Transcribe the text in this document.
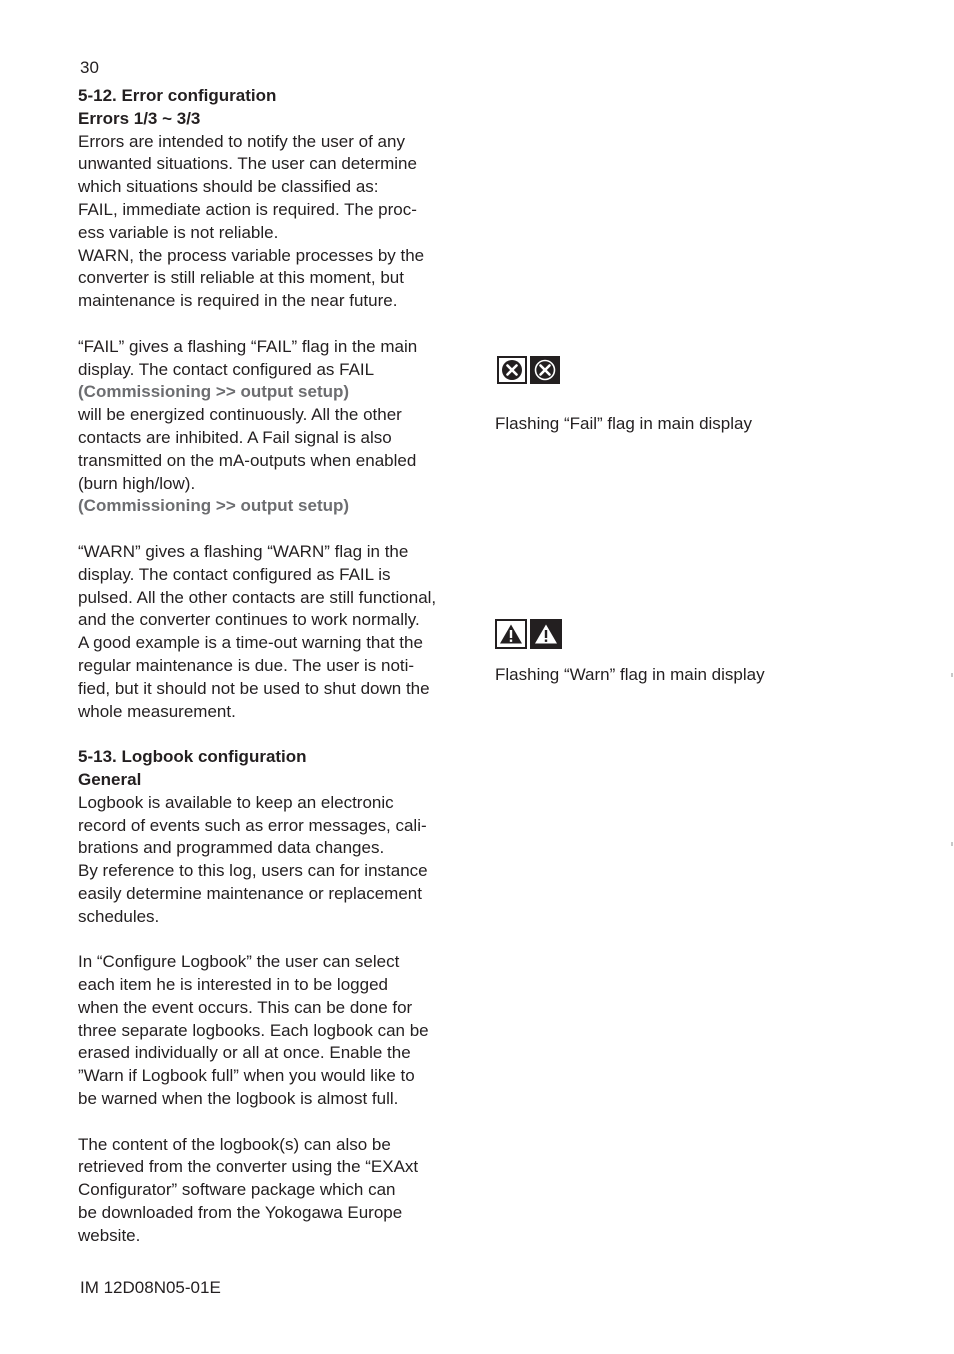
30

5-12. Error configuration
Errors 1/3 ~ 3/3
Errors are intended to notify the user of any
unwanted situations. The user can determine
which situations should be classified as:
FAIL, immediate action is required. The proc-
ess variable is not reliable.
WARN, the process variable processes by the
converter is still reliable at this moment, but
maintenance is required in the near future.

“FAIL” gives a flashing “FAIL” flag in the main
display. The contact configured as FAIL
(Commissioning >> output setup)
will be energized continuously. All the other
contacts are inhibited. A Fail signal is also
transmitted on the mA-outputs when enabled
(burn high/low).
(Commissioning >> output setup)

“WARN” gives a flashing “WARN” flag in the
display. The contact configured as FAIL is
pulsed. All the other contacts are still functional,
and the converter continues to work normally.
A good example is a time-out warning that the
regular maintenance is due. The user is noti-
fied, but it should not be used to shut down the
whole measurement.

5-13. Logbook configuration
General
Logbook is available to keep an electronic
record of events such as error messages, cali-
brations and programmed data changes.
By reference to this log, users can for instance
easily determine maintenance or replacement
schedules.

In “Configure Logbook” the user can select
each item he is interested in to be logged
when the event occurs. This can be done for
three separate logbooks. Each logbook can be
erased individually or all at once. Enable the
”Warn if Logbook full” when you would like to
be warned when the logbook is almost full.

The content of the logbook(s) can also be
retrieved from the converter using the “EXAxt
Configurator” software package which can
be downloaded from the Yokogawa Europe
website.

Flashing “Fail” flag in main display
Flashing “Warn” flag in main display
IM 12D08N05-01E
